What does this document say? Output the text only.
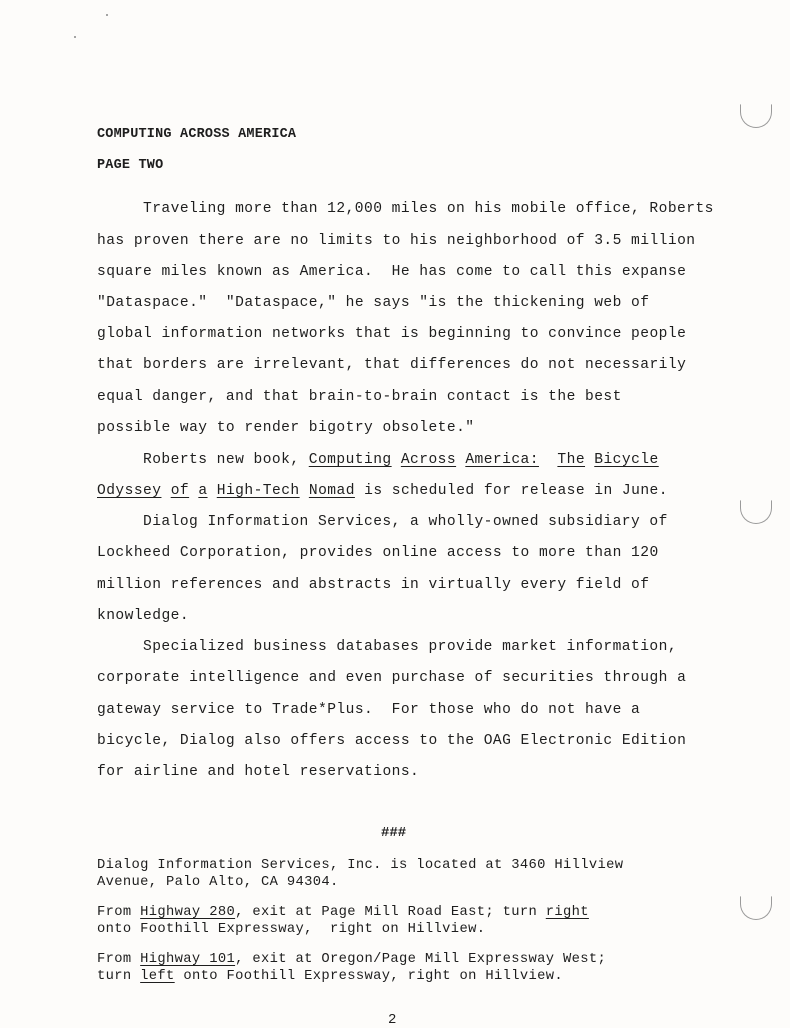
COMPUTING ACROSS AMERICA
PAGE TWO
Traveling more than 12,000 miles on his mobile office, Roberts
has proven there are no limits to his neighborhood of 3.5 million
square miles known as America.  He has come to call this expanse
"Dataspace."  "Dataspace," he says "is the thickening web of
global information networks that is beginning to convince people
that borders are irrelevant, that differences do not necessarily
equal danger, and that brain-to-brain contact is the best
possible way to render bigotry obsolete."
Roberts new book, Computing Across America: The Bicycle
Odyssey of a High-Tech Nomad is scheduled for release in June.
Dialog Information Services, a wholly-owned subsidiary of
Lockheed Corporation, provides online access to more than 120
million references and abstracts in virtually every field of
knowledge.
Specialized business databases provide market information,
corporate intelligence and even purchase of securities through a
gateway service to Trade*Plus.  For those who do not have a
bicycle, Dialog also offers access to the OAG Electronic Edition
for airline and hotel reservations.
###
Dialog Information Services, Inc. is located at 3460 Hillview
Avenue, Palo Alto, CA 94304.
From Highway 280, exit at Page Mill Road East; turn right
onto Foothill Expressway,  right on Hillview.
From Highway 101, exit at Oregon/Page Mill Expressway West;
turn left onto Foothill Expressway, right on Hillview.
2
